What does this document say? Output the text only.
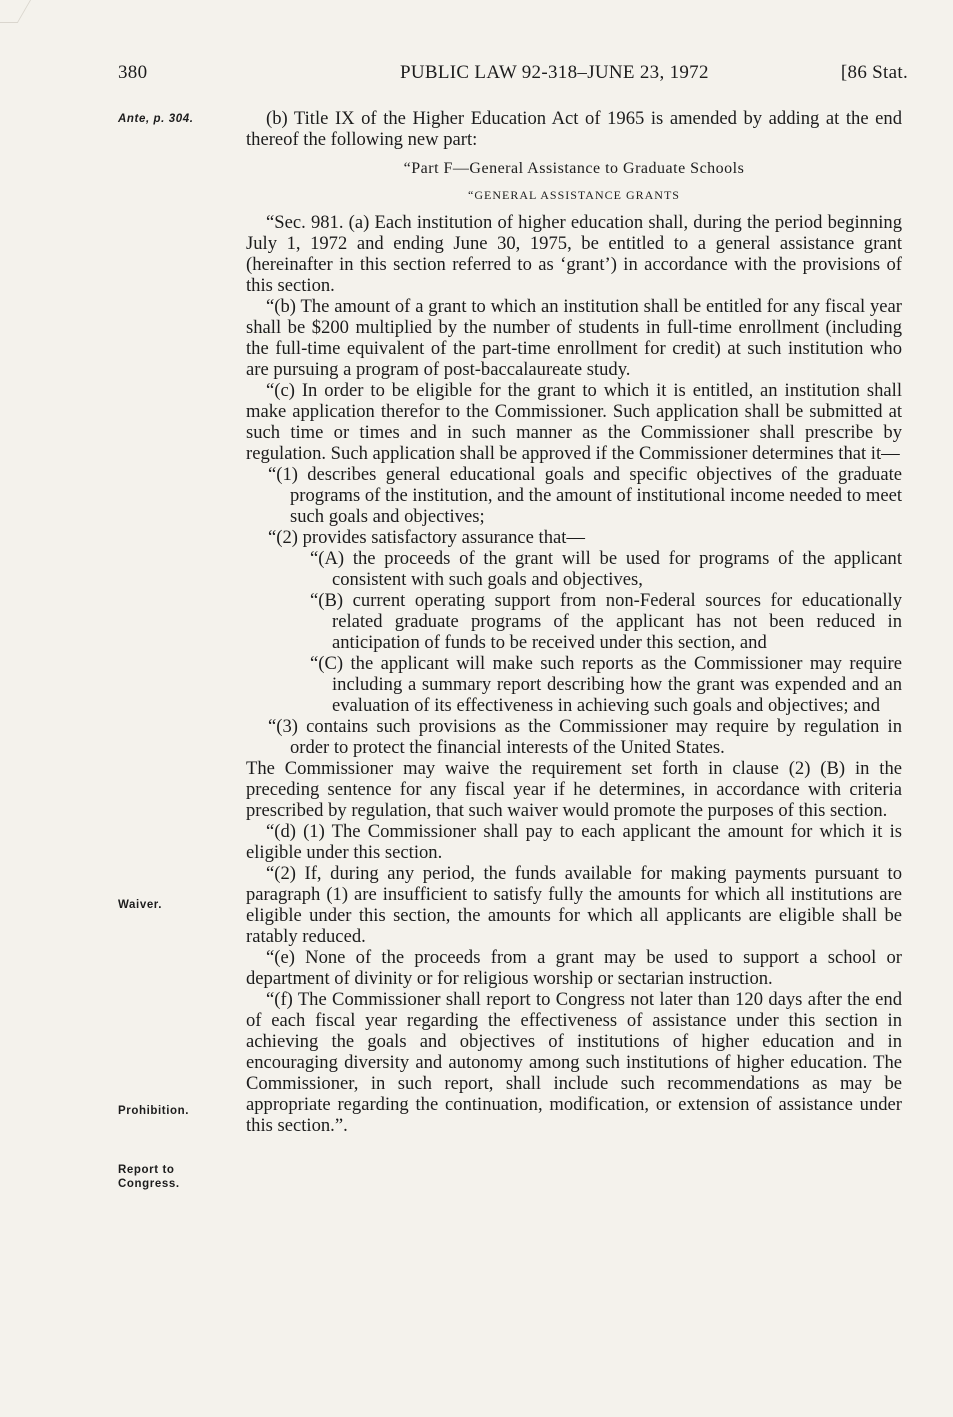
380	PUBLIC LAW 92-318–JUNE 23, 1972	[86 Stat.
Ante, p. 304.
Waiver.
Prohibition.
Report to Congress.

(b) Title IX of the Higher Education Act of 1965 is amended by adding at the end thereof the following new part:

“Part F—General Assistance to Graduate Schools
“GENERAL ASSISTANCE GRANTS

“Sec. 981. (a) Each institution of higher education shall, during the period beginning July 1, 1972 and ending June 30, 1975, be entitled to a general assistance grant (hereinafter in this section referred to as ‘grant’) in accordance with the provisions of this section.

“(b) The amount of a grant to which an institution shall be entitled for any fiscal year shall be $200 multiplied by the number of students in full-time enrollment (including the full-time equivalent of the part-time enrollment for credit) at such institution who are pursuing a program of post-baccalaureate study.

“(c) In order to be eligible for the grant to which it is entitled, an institution shall make application therefor to the Commissioner. Such application shall be submitted at such time or times and in such manner as the Commissioner shall prescribe by regulation. Such application shall be approved if the Commissioner determines that it—

“(1) describes general educational goals and specific objectives of the graduate programs of the institution, and the amount of institutional income needed to meet such goals and objectives;

“(2) provides satisfactory assurance that—

“(A) the proceeds of the grant will be used for programs of the applicant consistent with such goals and objectives,

“(B) current operating support from non-Federal sources for educationally related graduate programs of the applicant has not been reduced in anticipation of funds to be received under this section, and

“(C) the applicant will make such reports as the Commissioner may require including a summary report describing how the grant was expended and an evaluation of its effectiveness in achieving such goals and objectives; and

“(3) contains such provisions as the Commissioner may require by regulation in order to protect the financial interests of the United States.

The Commissioner may waive the requirement set forth in clause (2) (B) in the preceding sentence for any fiscal year if he determines, in accordance with criteria prescribed by regulation, that such waiver would promote the purposes of this section.

“(d) (1) The Commissioner shall pay to each applicant the amount for which it is eligible under this section.

“(2) If, during any period, the funds available for making payments pursuant to paragraph (1) are insufficient to satisfy fully the amounts for which all institutions are eligible under this section, the amounts for which all applicants are eligible shall be ratably reduced.

“(e) None of the proceeds from a grant may be used to support a school or department of divinity or for religious worship or sectarian instruction.

“(f) The Commissioner shall report to Congress not later than 120 days after the end of each fiscal year regarding the effectiveness of assistance under this section in achieving the goals and objectives of institutions of higher education and in encouraging diversity and autonomy among such institutions of higher education. The Commissioner, in such report, shall include such recommendations as may be appropriate regarding the continuation, modification, or extension of assistance under this section.”.
